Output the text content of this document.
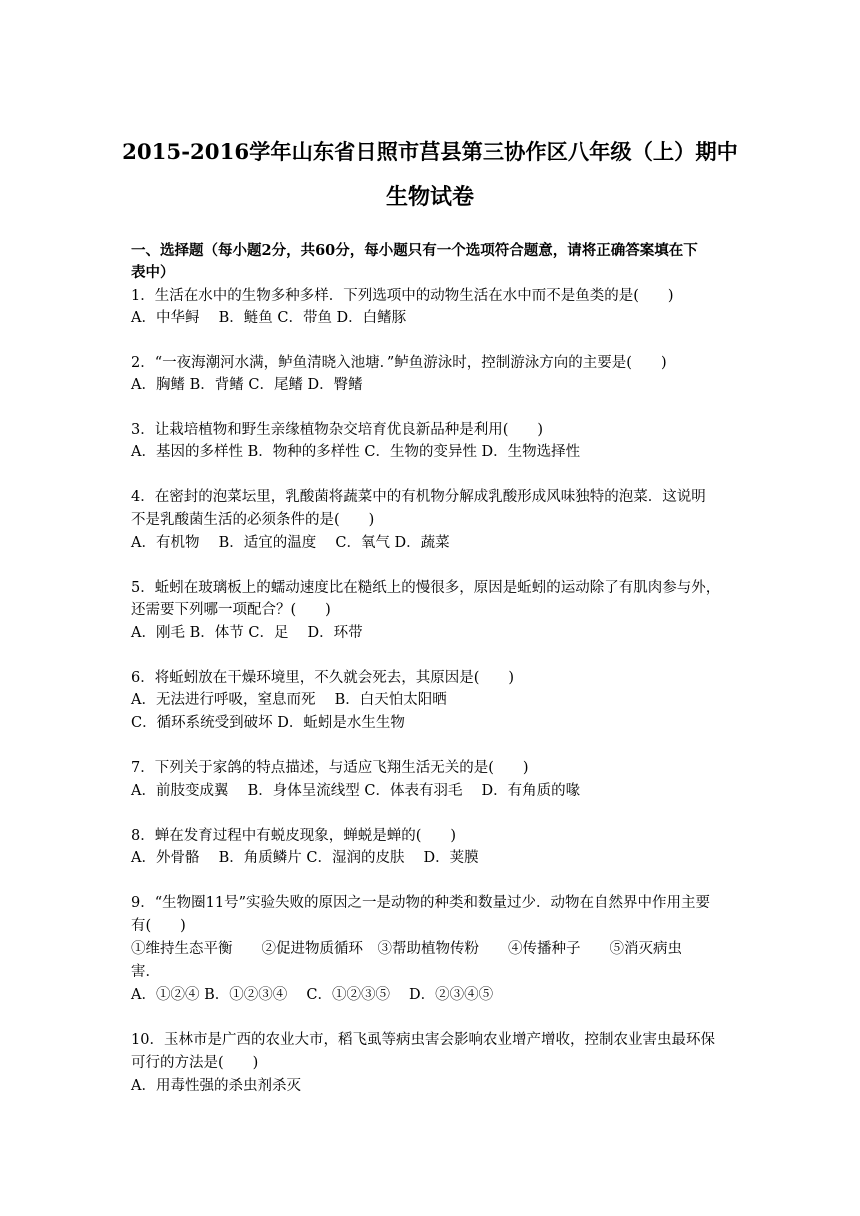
2015-2016学年山东省日照市莒县第三协作区八年级（上）期中
生物试卷
一、选择题（每小题2分，共60分，每小题只有一个选项符合题意，请将正确答案填在下
表中）
1．生活在水中的生物多种多样．下列选项中的动物生活在水中而不是鱼类的是(　　)
A．中华鲟　 B．鲢鱼 C．带鱼 D．白鳍豚
2．“一夜海潮河水满，鲈鱼清晓入池塘．”鲈鱼游泳时，控制游泳方向的主要是(　　)
A．胸鳍 B．背鳍 C．尾鳍 D．臀鳍
3．让栽培植物和野生亲缘植物杂交培育优良新品种是利用(　　)
A．基因的多样性 B．物种的多样性 C．生物的变异性 D．生物选择性
4．在密封的泡菜坛里，乳酸菌将蔬菜中的有机物分解成乳酸形成风味独特的泡菜．这说明
不是乳酸菌生活的必须条件的是(　　)
A．有机物　 B．适宜的温度　 C．氧气 D．蔬菜
5．蚯蚓在玻璃板上的蠕动速度比在糙纸上的慢很多，原因是蚯蚓的运动除了有肌肉参与外，
还需要下列哪一项配合？(　　)
A．刚毛 B．体节 C．足　 D．环带
6．将蚯蚓放在干燥环境里，不久就会死去，其原因是(　　)
A．无法进行呼吸，窒息而死　 B．白天怕太阳晒
C．循环系统受到破坏 D．蚯蚓是水生生物
7．下列关于家鸽的特点描述，与适应飞翔生活无关的是(　　)
A．前肢变成翼　 B．身体呈流线型 C．体表有羽毛　 D．有角质的喙
8．蝉在发育过程中有蜕皮现象，蝉蜕是蝉的(　　)
A．外骨骼　 B．角质鳞片 C．湿润的皮肤　 D．荚膜
9．“生物圈11号”实验失败的原因之一是动物的种类和数量过少．动物在自然界中作用主要
有(　　)
①维持生态平衡　　②促进物质循环　③帮助植物传粉　　④传播种子　　⑤消灭病虫
害．
A．①②④ B．①②③④　 C．①②③⑤　 D．②③④⑤
10．玉林市是广西的农业大市，稻飞虱等病虫害会影响农业增产增收，控制农业害虫最环保
可行的方法是(　　)
A．用毒性强的杀虫剂杀灭
